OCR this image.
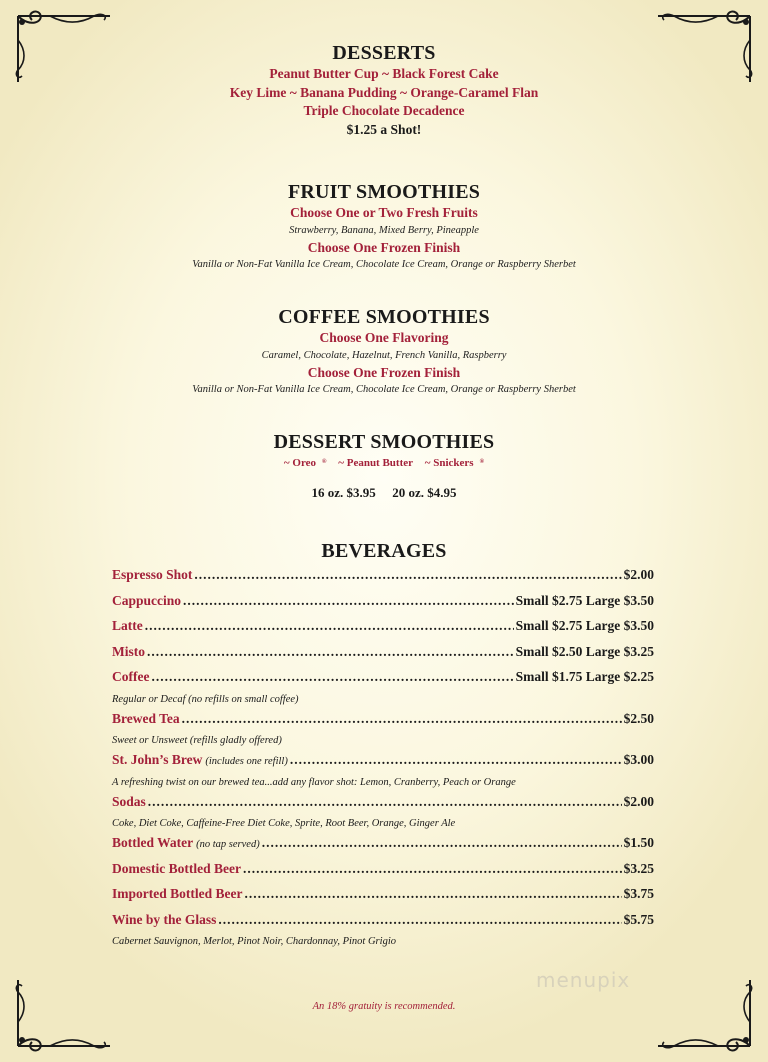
DESSERTS
Peanut Butter Cup ~ Black Forest Cake
Key Lime ~ Banana Pudding ~ Orange-Caramel Flan
Triple Chocolate Decadence
$1.25 a Shot!
FRUIT SMOOTHIES
Choose One or Two Fresh Fruits
Strawberry, Banana, Mixed Berry, Pineapple
Choose One Frozen Finish
Vanilla or Non-Fat Vanilla Ice Cream, Chocolate Ice Cream, Orange or Raspberry Sherbet
COFFEE SMOOTHIES
Choose One Flavoring
Caramel, Chocolate, Hazelnut, French Vanilla, Raspberry
Choose One Frozen Finish
Vanilla or Non-Fat Vanilla Ice Cream, Chocolate Ice Cream, Orange or Raspberry Sherbet
DESSERT SMOOTHIES
~ Oreo ® ~ Peanut Butter ~ Snickers ®
16 oz. $3.95 20 oz. $4.95
BEVERAGES
Espresso Shot .....	$2.00
Cappuccino .....	Small $2.75 Large $3.50
Latte .....	Small $2.75 Large $3.50
Misto .....	Small $2.50 Large $3.25
Coffee .....	Small $1.75 Large $2.25
Regular or Decaf (no refills on small coffee)
Brewed Tea .....	$2.50
Sweet or Unsweet (refills gladly offered)
St. John’s Brew (includes one refill) .....	$3.00
A refreshing twist on our brewed tea...add any flavor shot: Lemon, Cranberry, Peach or Orange
Sodas .....	$2.00
Coke, Diet Coke, Caffeine-Free Diet Coke, Sprite, Root Beer, Orange, Ginger Ale
Bottled Water (no tap served) .....	$1.50
Domestic Bottled Beer .....	$3.25
Imported Bottled Beer .....	$3.75
Wine by the Glass .....	$5.75
Cabernet Sauvignon, Merlot, Pinot Noir, Chardonnay, Pinot Grigio
menupix
An 18% gratuity is recommended.
